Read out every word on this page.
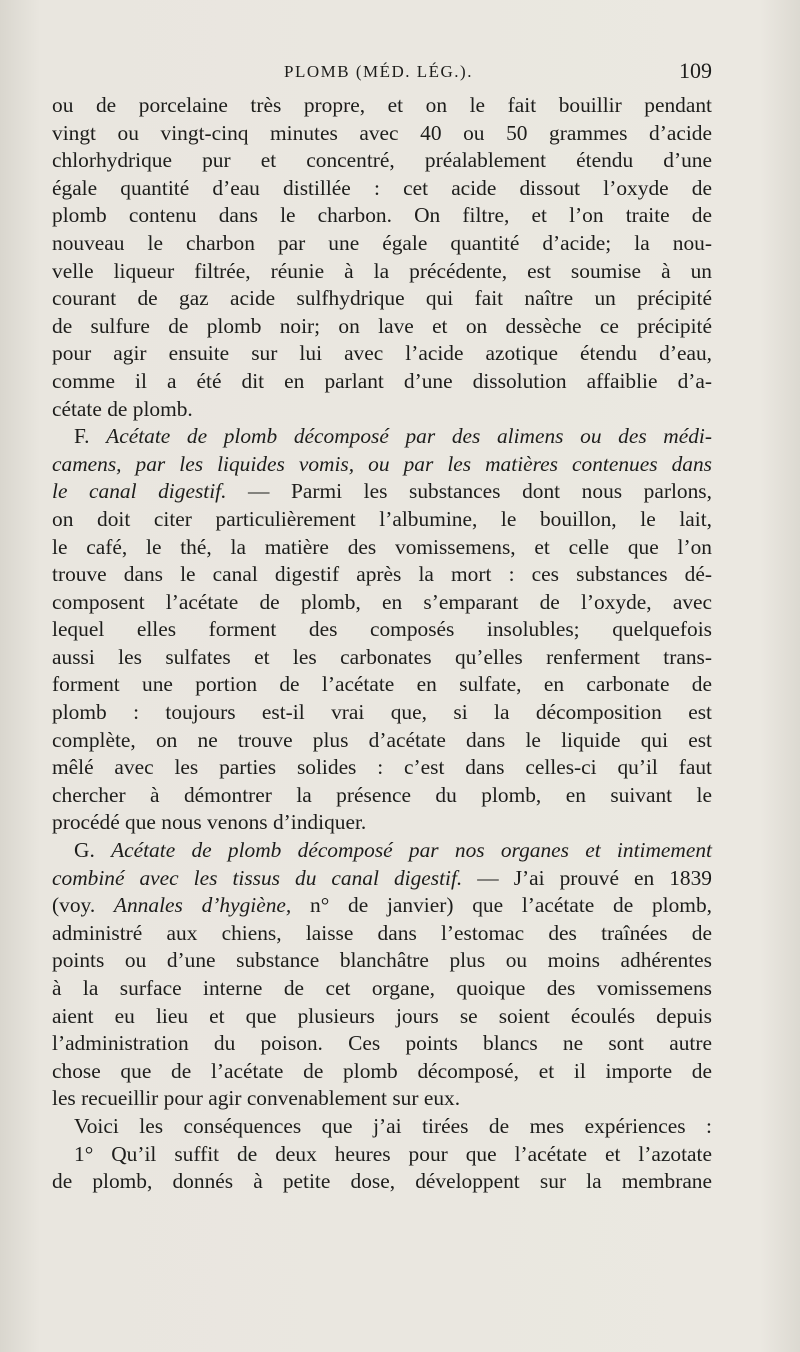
PLOMB (MÉD. LÉG.).	109
ou de porcelaine très propre, et on le fait bouillir pendant
vingt ou vingt-cinq minutes avec 40 ou 50 grammes d’acide
chlorhydrique pur et concentré, préalablement étendu d’une
égale quantité d’eau distillée : cet acide dissout l’oxyde de
plomb contenu dans le charbon. On filtre, et l’on traite de
nouveau le charbon par une égale quantité d’acide; la nou-
velle liqueur filtrée, réunie à la précédente, est soumise à un
courant de gaz acide sulfhydrique qui fait naître un précipité
de sulfure de plomb noir; on lave et on dessèche ce précipité
pour agir ensuite sur lui avec l’acide azotique étendu d’eau,
comme il a été dit en parlant d’une dissolution affaiblie d’a-
cétate de plomb.
F. Acétate de plomb décomposé par des alimens ou des médi-
camens, par les liquides vomis, ou par les matières contenues dans
le canal digestif. — Parmi les substances dont nous parlons,
on doit citer particulièrement l’albumine, le bouillon, le lait,
le café, le thé, la matière des vomissemens, et celle que l’on
trouve dans le canal digestif après la mort : ces substances dé-
composent l’acétate de plomb, en s’emparant de l’oxyde, avec
lequel elles forment des composés insolubles; quelquefois
aussi les sulfates et les carbonates qu’elles renferment trans-
forment une portion de l’acétate en sulfate, en carbonate de
plomb : toujours est-il vrai que, si la décomposition est
complète, on ne trouve plus d’acétate dans le liquide qui est
mêlé avec les parties solides : c’est dans celles-ci qu’il faut
chercher à démontrer la présence du plomb, en suivant le
procédé que nous venons d’indiquer.
G. Acétate de plomb décomposé par nos organes et intimement
combiné avec les tissus du canal digestif. — J’ai prouvé en 1839
(voy. Annales d’hygiène, n° de janvier) que l’acétate de plomb,
administré aux chiens, laisse dans l’estomac des traînées de
points ou d’une substance blanchâtre plus ou moins adhérentes
à la surface interne de cet organe, quoique des vomissemens
aient eu lieu et que plusieurs jours se soient écoulés depuis
l’administration du poison. Ces points blancs ne sont autre
chose que de l’acétate de plomb décomposé, et il importe de
les recueillir pour agir convenablement sur eux.
Voici les conséquences que j’ai tirées de mes expériences :
1° Qu’il suffit de deux heures pour que l’acétate et l’azotate
de plomb, donnés à petite dose, développent sur la membrane
